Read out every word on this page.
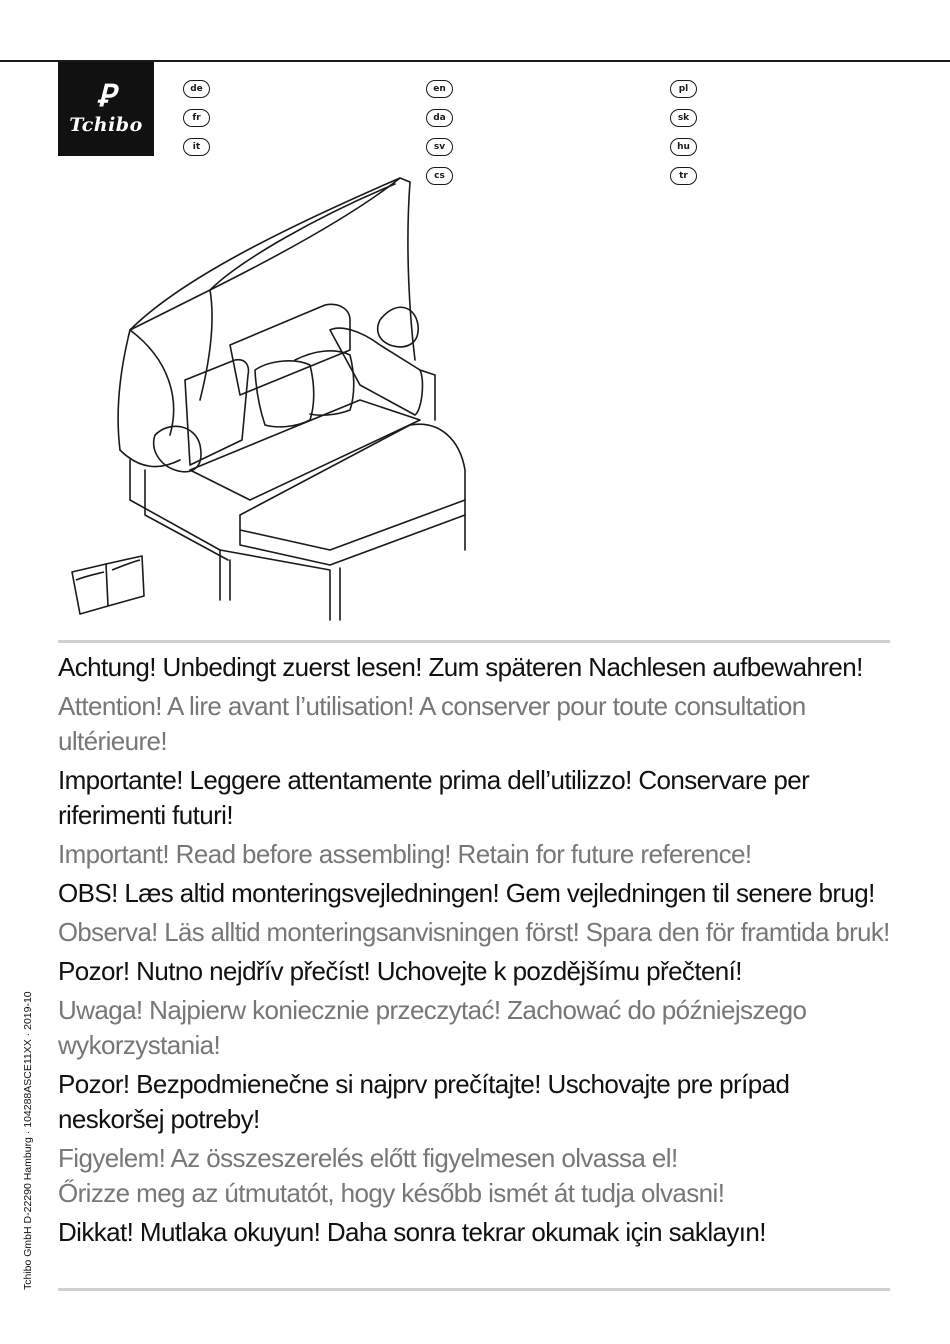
Ꝑ
Tchibo
de
fr
it
en
da
sv
cs
pl
sk
hu
tr

Achtung! Unbedingt zuerst lesen! Zum späteren Nachlesen aufbewahren!

Attention! A lire avant l’utilisation! A conserver pour toute consultation
ultérieure!

Importante! Leggere attentamente prima dell’utilizzo! Conservare per
riferimenti futuri!

Important! Read before assembling! Retain for future reference!

OBS! Læs altid monteringsvejledningen! Gem vejledningen til senere brug!

Observa! Läs alltid monteringsanvisningen först! Spara den för framtida bruk!

Pozor! Nutno nejdřív přečíst! Uchovejte k pozdějšímu přečtení!

Uwaga! Najpierw koniecznie przeczytać! Zachować do późniejszego
wykorzystania!

Pozor! Bezpodmienečne si najprv prečítajte! Uschovajte pre prípad
neskoršej potreby!

Figyelem! Az összeszerelés előtt figyelmesen olvassa el!
Őrizze meg az útmutatót, hogy később ismét át tudja olvasni!

Dikkat! Mutlaka okuyun! Daha sonra tekrar okumak için saklayın!

Tchibo GmbH D-22290 Hamburg · 104288ASCE11XX · 2019-10
